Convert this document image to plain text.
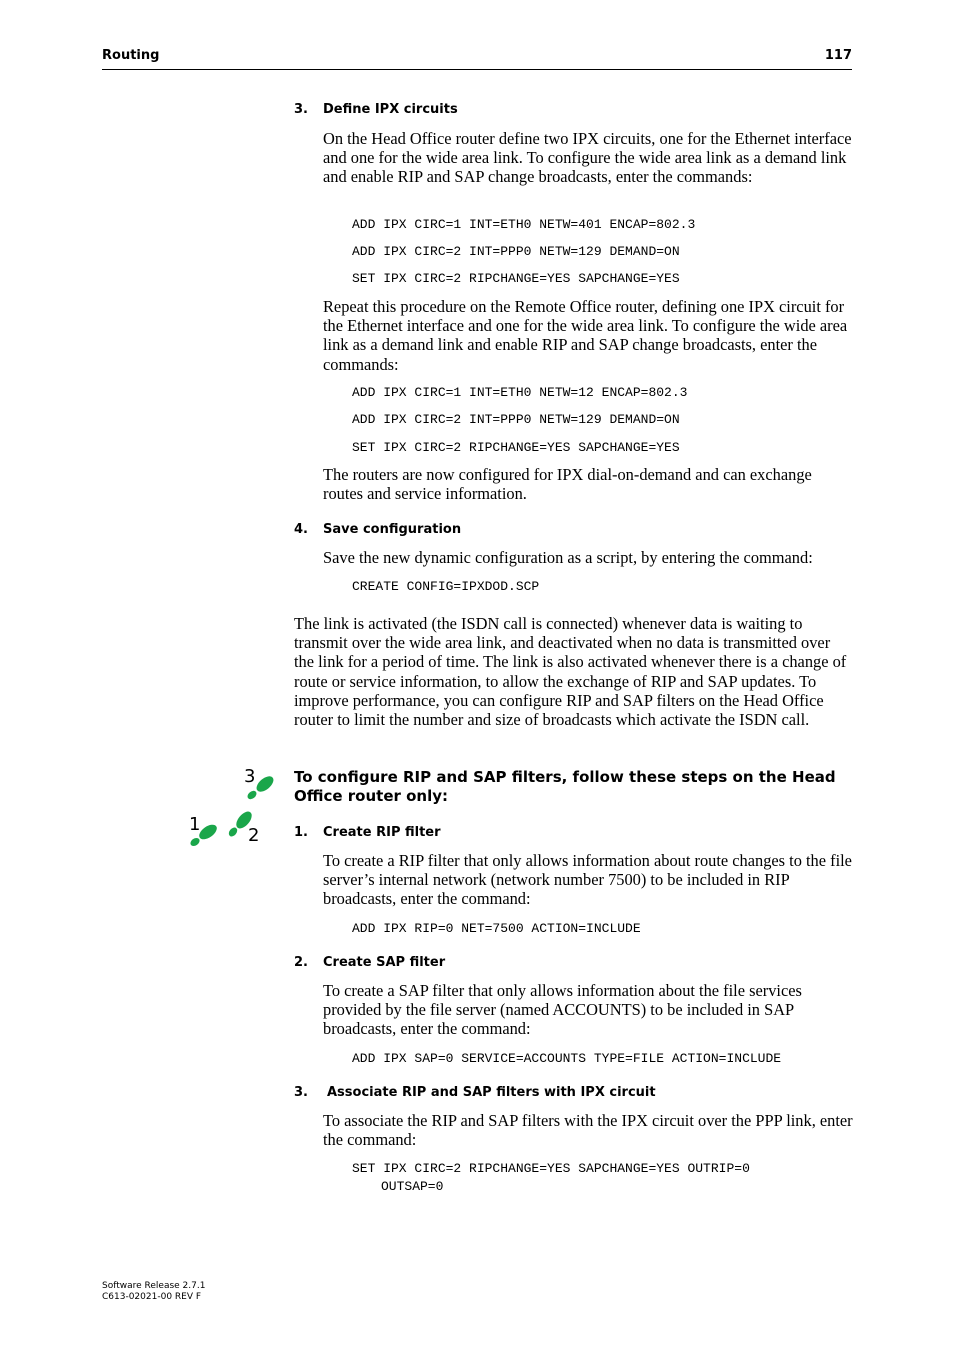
Routing	117
3. Define IPX circuits
On the Head Office router define two IPX circuits, one for the Ethernet interface and one for the wide area link. To configure the wide area link as a demand link and enable RIP and SAP change broadcasts, enter the commands:
ADD IPX CIRC=1 INT=ETH0 NETW=401 ENCAP=802.3
ADD IPX CIRC=2 INT=PPP0 NETW=129 DEMAND=ON
SET IPX CIRC=2 RIPCHANGE=YES SAPCHANGE=YES
Repeat this procedure on the Remote Office router, defining one IPX circuit for the Ethernet interface and one for the wide area link. To configure the wide area link as a demand link and enable RIP and SAP change broadcasts, enter the commands:
ADD IPX CIRC=1 INT=ETH0 NETW=12 ENCAP=802.3
ADD IPX CIRC=2 INT=PPP0 NETW=129 DEMAND=ON
SET IPX CIRC=2 RIPCHANGE=YES SAPCHANGE=YES
The routers are now configured for IPX dial-on-demand and can exchange routes and service information.
4. Save configuration
Save the new dynamic configuration as a script, by entering the command:
CREATE CONFIG=IPXDOD.SCP
The link is activated (the ISDN call is connected) whenever data is waiting to transmit over the wide area link, and deactivated when no data is transmitted over the link for a period of time. The link is also activated whenever there is a change of route or service information, to allow the exchange of RIP and SAP updates. To improve performance, you can configure RIP and SAP filters on the Head Office router to limit the number and size of broadcasts which activate the ISDN call.
3
2
1
To configure RIP and SAP filters, follow these steps on the Head Office router only:
1. Create RIP filter
To create a RIP filter that only allows information about route changes to the file server’s internal network (network number 7500) to be included in RIP broadcasts, enter the command:
ADD IPX RIP=0 NET=7500 ACTION=INCLUDE
2. Create SAP filter
To create a SAP filter that only allows information about the file services provided by the file server (named ACCOUNTS) to be included in SAP broadcasts, enter the command:
ADD IPX SAP=0 SERVICE=ACCOUNTS TYPE=FILE ACTION=INCLUDE
3. Associate RIP and SAP filters with IPX circuit
To associate the RIP and SAP filters with the IPX circuit over the PPP link, enter the command:
SET IPX CIRC=2 RIPCHANGE=YES SAPCHANGE=YES OUTRIP=0
OUTSAP=0
Software Release 2.7.1
C613-02021-00 REV F
